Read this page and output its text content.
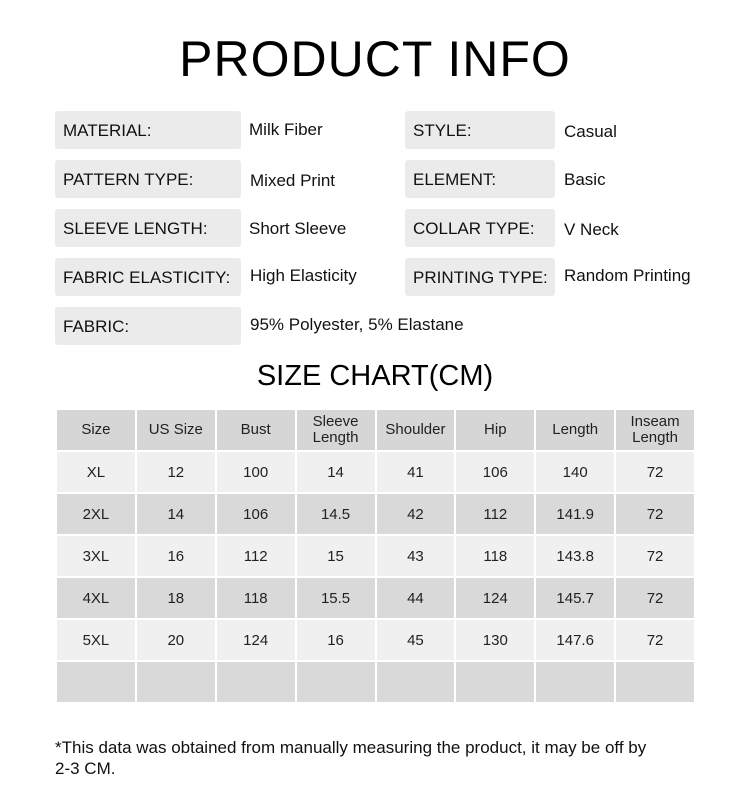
PRODUCT INFO
MATERIAL:	Milk Fiber	STYLE:	Casual
PATTERN TYPE:	Mixed Print	ELEMENT:	Basic
SLEEVE LENGTH:	Short Sleeve	COLLAR TYPE:	V Neck
FABRIC ELASTICITY:	High Elasticity	PRINTING TYPE: Random Printing
FABRIC:	95% Polyester, 5% Elastane
SIZE CHART(CM)
Size	US Size	Bust	Sleeve Length	Shoulder	Hip	Length	Inseam Length
XL	12	100	14	41	106	140	72
2XL	14	106	14.5	42	112	141.9	72
3XL	16	112	15	43	118	143.8	72
4XL	18	118	15.5	44	124	145.7	72
5XL	20	124	16	45	130	147.6	72

*This data was obtained from manually measuring the product, it may be off by 2-3 CM.
